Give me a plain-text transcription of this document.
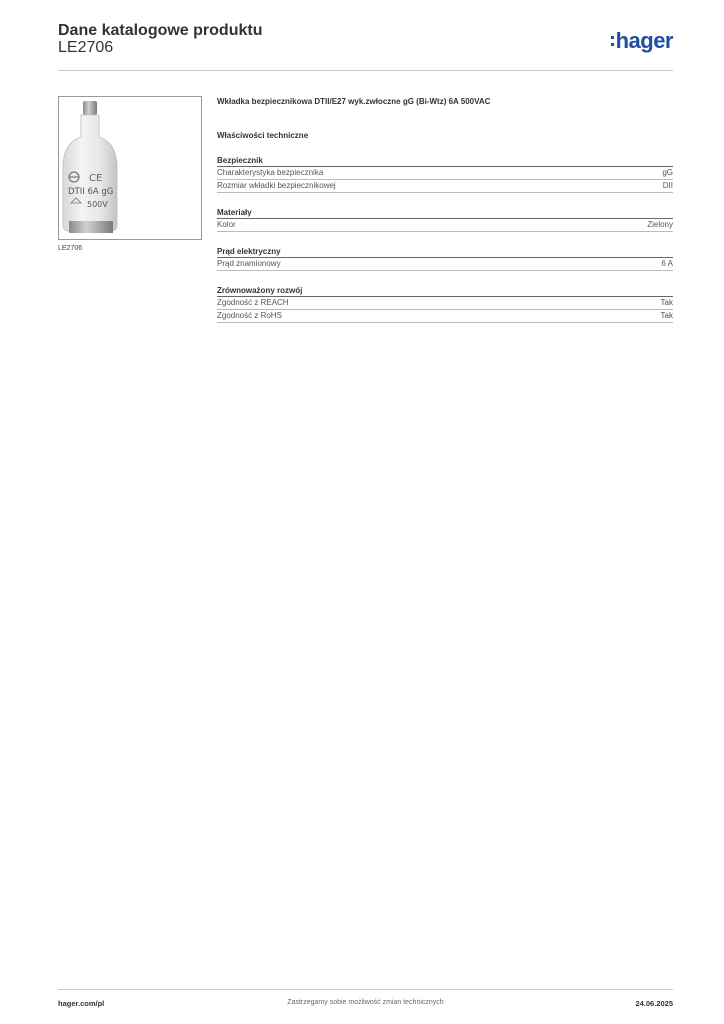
Dane katalogowe produktu
LE2706	hager
CE
DTII 6A gG
500V
LE2706
Wkładka bezpiecznikowa DTII/E27 wyk.zwłoczne gG (Bi-Wtz) 6A 500VAC
Właściwości techniczne
Bezpiecznik
Charakterystyka bezpiecznika	gG
Rozmiar wkładki bezpiecznikowej	DII
Materiały
Kolor	Zielony
Prąd elektryczny
Prąd znamionowy	6 A
Zrównoważony rozwój
Zgodność z REACH	Tak
Zgodność z RoHS	Tak
hager.com/pl	Zastrzegamy sobie możliwość zmian technicznych	24.06.2025
